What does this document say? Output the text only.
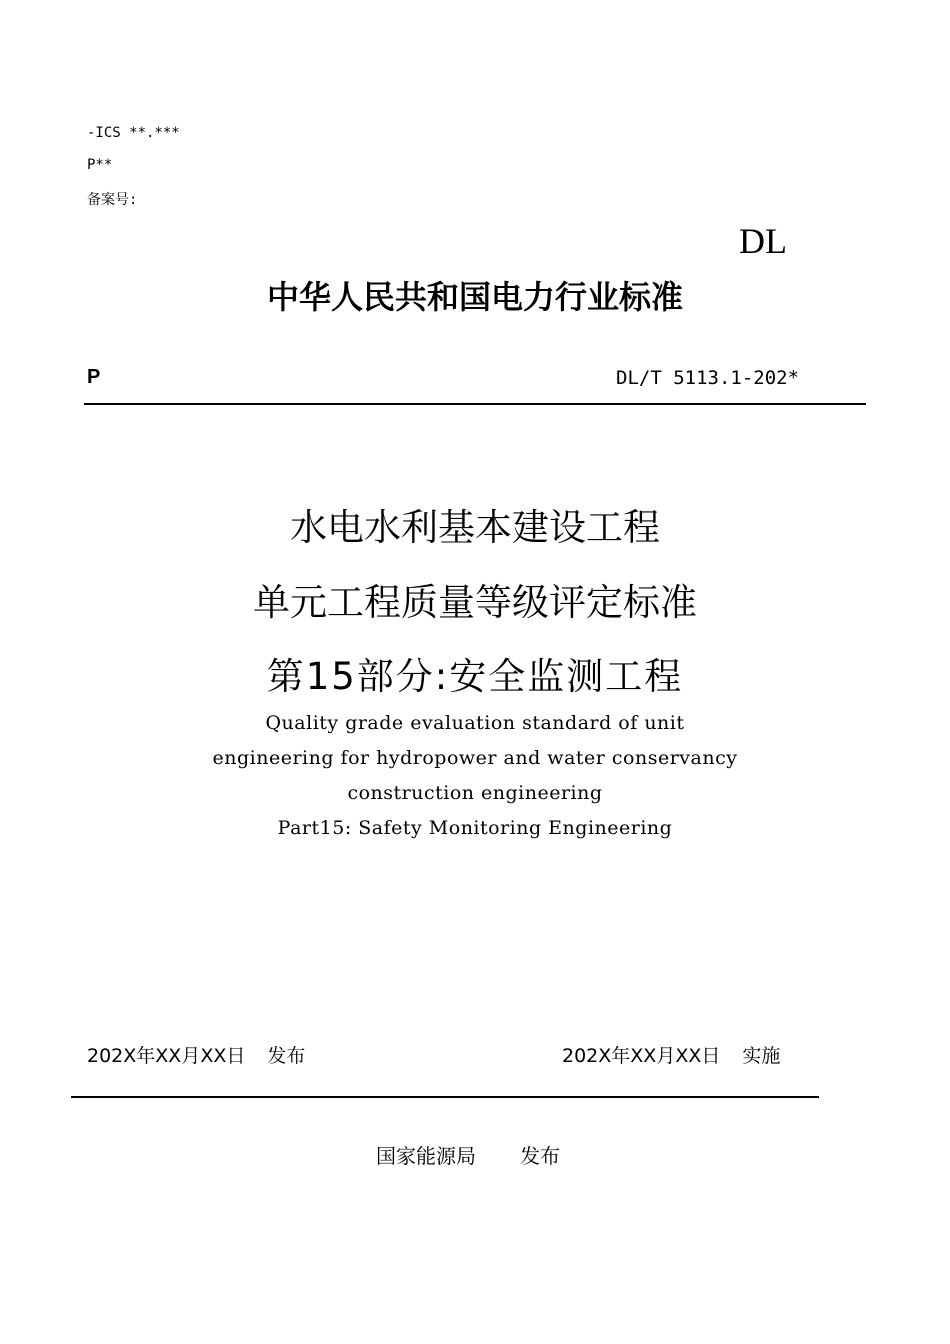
-ICS **.***
P**
备案号:
DL
中华人民共和国电力行业标准
P	DL/T 5113.1-202*
水电水利基本建设工程
单元工程质量等级评定标准
第15部分:安全监测工程
Quality grade evaluation standard of unit
engineering for hydropower and water conservancy
construction engineering
Part15: Safety Monitoring Engineering
202X年XX月XX日 发布	202X年XX月XX日 实施
国家能源局 发布
